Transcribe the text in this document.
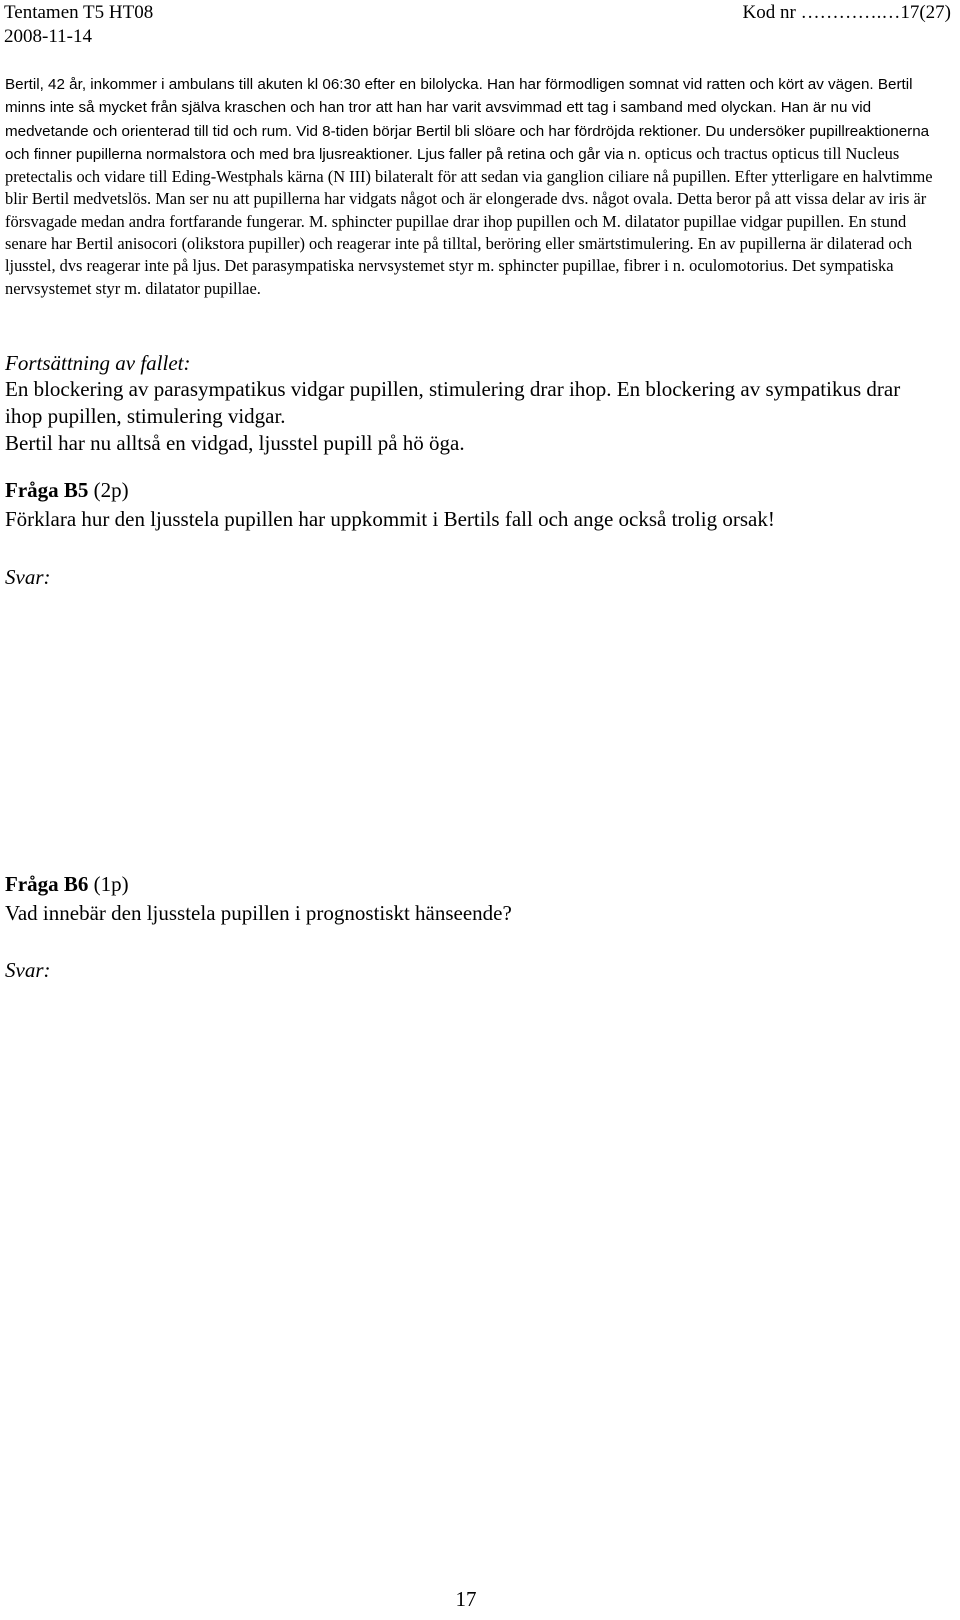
Tentamen T5 HT08
2008-11-14
Kod nr ………….…17(27)

Bertil, 42 år, inkommer i ambulans till akuten kl 06:30 efter en bilolycka. Han har förmodligen somnat vid ratten och kört av vägen. Bertil minns inte så mycket från själva kraschen och han tror att han har varit avsvimmad ett tag i samband med olyckan. Han är nu vid medvetande och orienterad till tid och rum. Vid 8-tiden börjar Bertil bli slöare och har fördröjda rektioner. Du undersöker pupillreaktionerna och finner pupillerna normalstora och med bra ljusreaktioner. Ljus faller på retina och går via n. opticus och tractus opticus till Nucleus pretectalis och vidare till Eding-Westphals kärna (N III) bilateralt för att sedan via ganglion ciliare nå pupillen. Efter ytterligare en halvtimme blir Bertil medvetslös. Man ser nu att pupillerna har vidgats något och är elongerade dvs. något ovala. Detta beror på att vissa delar av iris är försvagade medan andra fortfarande fungerar. M. sphincter pupillae drar ihop pupillen och M. dilatator pupillae vidgar pupillen. En stund senare har Bertil anisocori (olikstora pupiller) och reagerar inte på tilltal, beröring eller smärtstimulering. En av pupillerna är dilaterad och ljusstel, dvs reagerar inte på ljus. Det parasympatiska nervsystemet styr m. sphincter pupillae, fibrer i n. oculomotorius. Det sympatiska nervsystemet styr m. dilatator pupillae.

Fortsättning av fallet:
En blockering av parasympatikus vidgar pupillen, stimulering drar ihop. En blockering av sympatikus drar ihop pupillen, stimulering vidgar.
Bertil har nu alltså en vidgad, ljusstel pupill på hö öga.
Fråga B5 (2p)
Förklara hur den ljusstela pupillen har uppkommit i Bertils fall och ange också trolig orsak!
Svar:
Fråga B6 (1p)
Vad innebär den ljusstela pupillen i prognostiskt hänseende?
Svar:
17
